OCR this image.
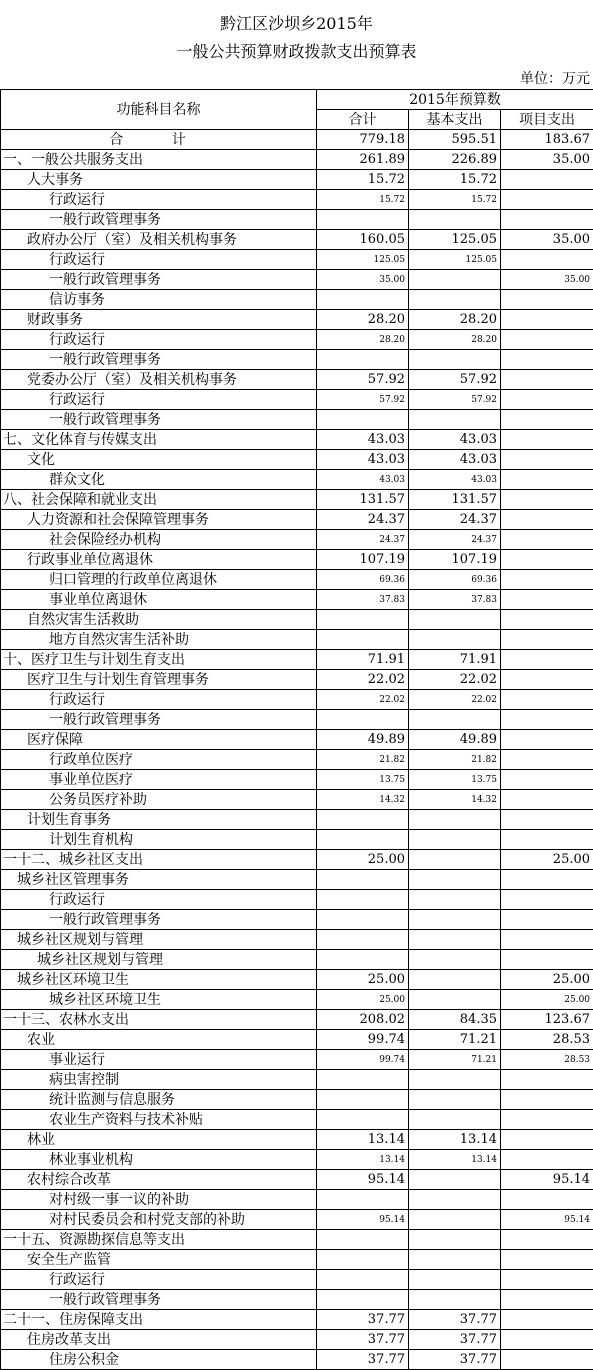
黔江区沙坝乡2015年
一般公共预算财政拨款支出预算表
单位：万元
功能科目名称	2015年预算数		
	合计	基本支出	项目支出
合 计	779.18	595.51	183.67
一、一般公共服务支出	261.89	226.89	35.00
人大事务	15.72	15.72	
行政运行	15.72	15.72	
一般行政管理事务			
政府办公厅（室）及相关机构事务	160.05	125.05	35.00
行政运行	125.05	125.05	
一般行政管理事务	35.00		35.00
信访事务			
财政事务	28.20	28.20	
行政运行	28.20	28.20	
一般行政管理事务			
党委办公厅（室）及相关机构事务	57.92	57.92	
行政运行	57.92	57.92	
一般行政管理事务			
七、文化体育与传媒支出	43.03	43.03	
文化	43.03	43.03	
群众文化	43.03	43.03	
八、社会保障和就业支出	131.57	131.57	
人力资源和社会保障管理事务	24.37	24.37	
社会保险经办机构	24.37	24.37	
行政事业单位离退休	107.19	107.19	
归口管理的行政单位离退休	69.36	69.36	
事业单位离退休	37.83	37.83	
自然灾害生活救助			
地方自然灾害生活补助			
十、医疗卫生与计划生育支出	71.91	71.91	
医疗卫生与计划生育管理事务	22.02	22.02	
行政运行	22.02	22.02	
一般行政管理事务			
医疗保障	49.89	49.89	
行政单位医疗	21.82	21.82	
事业单位医疗	13.75	13.75	
公务员医疗补助	14.32	14.32	
计划生育事务			
计划生育机构			
一十二、城乡社区支出	25.00		25.00
城乡社区管理事务			
行政运行			
一般行政管理事务			
城乡社区规划与管理			
城乡社区规划与管理			
城乡社区环境卫生	25.00		25.00
城乡社区环境卫生	25.00		25.00
一十三、农林水支出	208.02	84.35	123.67
农业	99.74	71.21	28.53
事业运行	99.74	71.21	28.53
病虫害控制			
统计监测与信息服务			
农业生产资料与技术补贴			
林业	13.14	13.14	
林业事业机构	13.14	13.14	
农村综合改革	95.14		95.14
对村级一事一议的补助			
对村民委员会和村党支部的补助	95.14		95.14
一十五、资源勘探信息等支出			
安全生产监管			
行政运行			
一般行政管理事务			
二十一、住房保障支出	37.77	37.77	
住房改革支出	37.77	37.77	
住房公积金	37.77	37.77	
